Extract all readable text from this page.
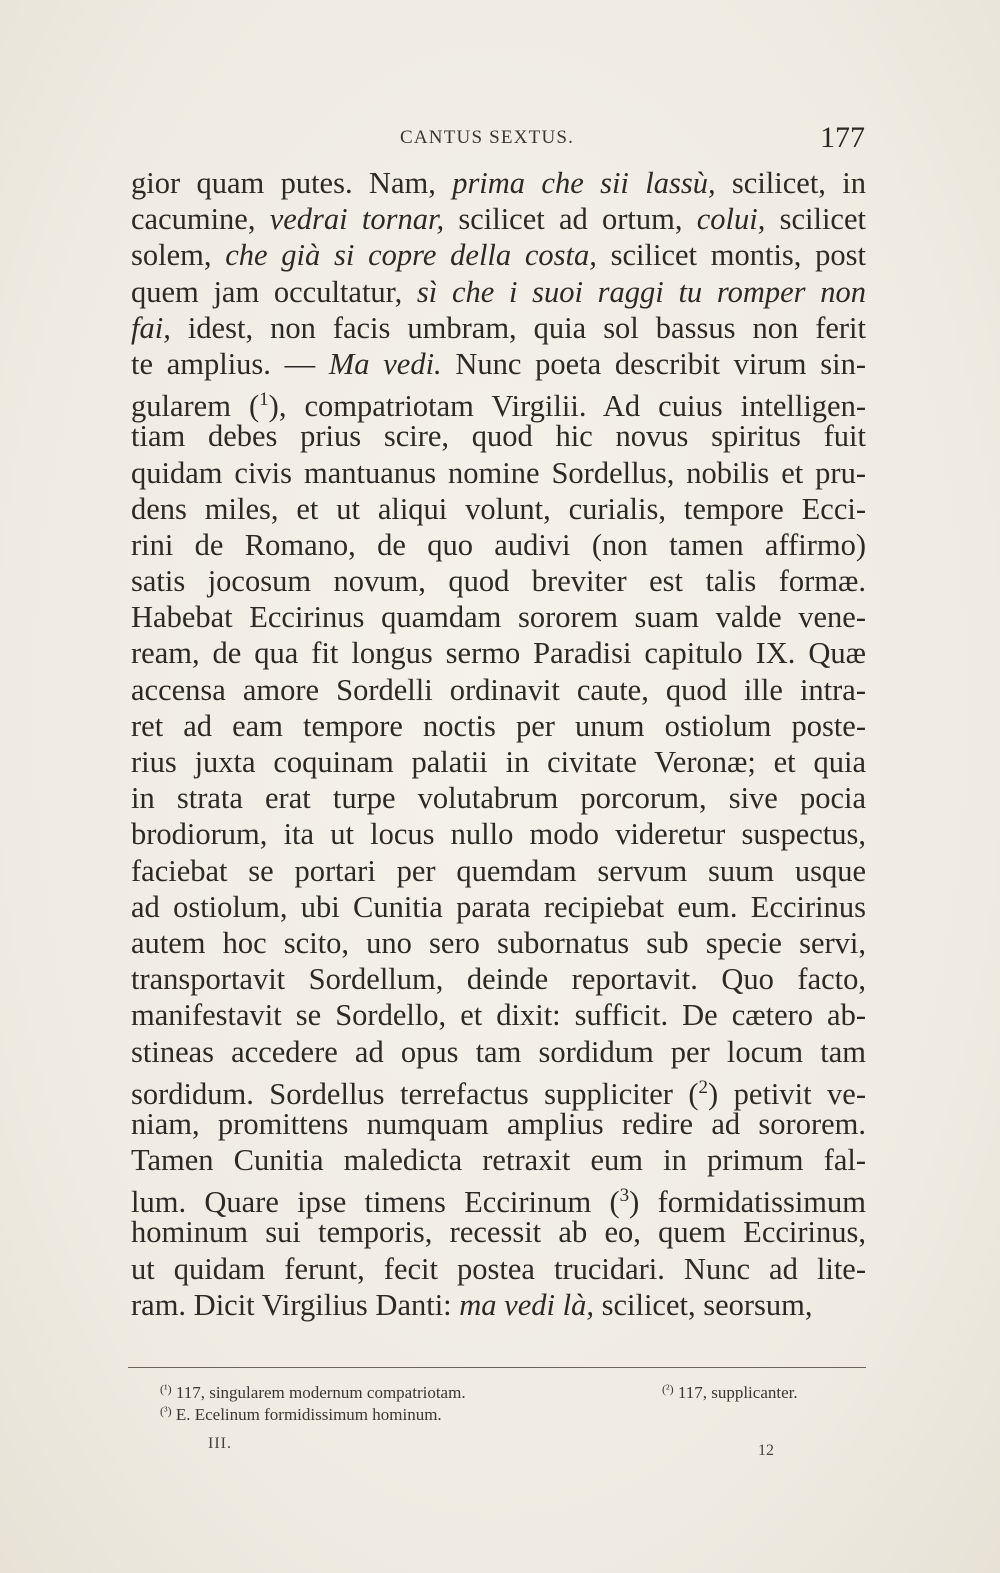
CANTUS SEXTUS.	177
gior quam putes. Nam, prima che sii lassù, scilicet, in
cacumine, vedrai tornar, scilicet ad ortum, colui, scilicet
solem, che già si copre della costa, scilicet montis, post
quem jam occultatur, sì che i suoi raggi tu romper non
fai, idest, non facis umbram, quia sol bassus non ferit
te amplius. — Ma vedi. Nunc poeta describit virum sin-
gularem ($^1$), compatriotam Virgilii. Ad cuius intelligen-
tiam debes prius scire, quod hic novus spiritus fuit
quidam civis mantuanus nomine Sordellus, nobilis et pru-
dens miles, et ut aliqui volunt, curialis, tempore Ecci-
rini de Romano, de quo audivi (non tamen affirmo)
satis jocosum novum, quod breviter est talis formæ.
Habebat Eccirinus quamdam sororem suam valde vene-
ream, de qua fit longus sermo Paradisi capitulo IX. Quæ
accensa amore Sordelli ordinavit caute, quod ille intra-
ret ad eam tempore noctis per unum ostiolum poste-
rius juxta coquinam palatii in civitate Veronæ; et quia
in strata erat turpe volutabrum porcorum, sive pocia
brodiorum, ita ut locus nullo modo videretur suspectus,
faciebat se portari per quemdam servum suum usque
ad ostiolum, ubi Cunitia parata recipiebat eum. Eccirinus
autem hoc scito, uno sero subornatus sub specie servi,
transportavit Sordellum, deinde reportavit. Quo facto,
manifestavit se Sordello, et dixit: sufficit. De cætero ab-
stineas accedere ad opus tam sordidum per locum tam
sordidum. Sordellus terrefactus suppliciter ($^2$) petivit ve-
niam, promittens numquam amplius redire ad sororem.
Tamen Cunitia maledicta retraxit eum in primum fal-
lum. Quare ipse timens Eccirinum ($^3$) formidatissimum
hominum sui temporis, recessit ab eo, quem Eccirinus,
ut quidam ferunt, fecit postea trucidari. Nunc ad lite-
ram. Dicit Virgilius Danti: ma vedi là, scilicet, seorsum,
$^{(^1)}$ 117, singularem modernum compatriotam.	$^{(^2)}$ 117, supplicanter.
$^{(^3)}$ E. Ecelinum formidissimum hominum.
III.	12
